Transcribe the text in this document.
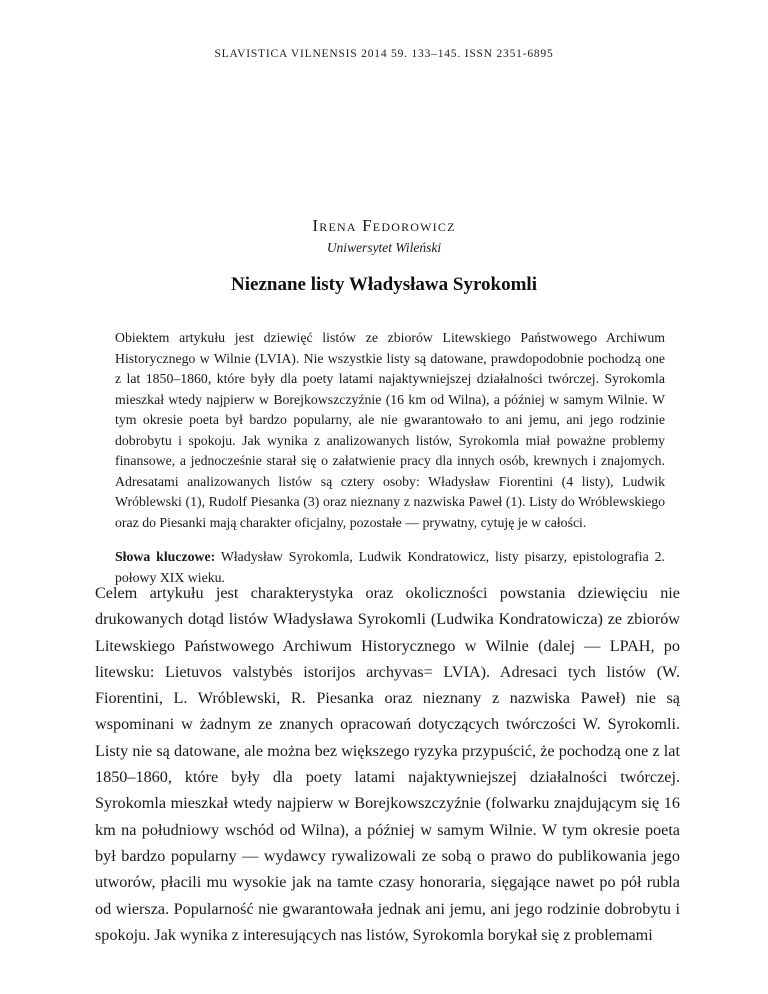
SLAVISTICA VILNENSIS 2014 59. 133–145. ISSN 2351-6895
Irena Fedorowicz
Uniwersytet Wileński
Nieznane listy Władysława Syrokomli
Obiektem artykułu jest dziewięć listów ze zbiorów Litewskiego Państwowego Archiwum Historycznego w Wilnie (LVIA). Nie wszystkie listy są datowane, prawdopodobnie pochodzą one z lat 1850–1860, które były dla poety latami najaktywniejszej działalności twórczej. Syrokomla mieszkał wtedy najpierw w Borejkowszczyźnie (16 km od Wilna), a później w samym Wilnie. W tym okresie poeta był bardzo popularny, ale nie gwarantowało to ani jemu, ani jego rodzinie dobrobytu i spokoju. Jak wynika z analizowanych listów, Syrokomla miał poważne problemy finansowe, a jednocześnie starał się o załatwienie pracy dla innych osób, krewnych i znajomych. Adresatami analizowanych listów są cztery osoby: Władysław Fiorentini (4 listy), Ludwik Wróblewski (1), Rudolf Piesanka (3) oraz nieznany z nazwiska Paweł (1). Listy do Wróblewskiego oraz do Piesanki mają charakter oficjalny, pozostałe — prywatny, cytuję je w całości.
Słowa kluczowe: Władysław Syrokomla, Ludwik Kondratowicz, listy pisarzy, epistolografia 2. połowy XIX wieku.
Celem artykułu jest charakterystyka oraz okoliczności powstania dziewięciu nie drukowanych dotąd listów Władysława Syrokomli (Ludwika Kondratowicza) ze zbiorów Litewskiego Państwowego Archiwum Historycznego w Wilnie (dalej — LPAH, po litewsku: Lietuvos valstybės istorijos archyvas= LVIA). Adresaci tych listów (W. Fiorentini, L. Wróblewski, R. Piesanka oraz nieznany z nazwiska Paweł) nie są wspominani w żadnym ze znanych opracowań dotyczących twórczości W. Syrokomli. Listy nie są datowane, ale można bez większego ryzyka przypuścić, że pochodzą one z lat 1850–1860, które były dla poety latami najaktywniejszej działalności twórczej. Syrokomla mieszkał wtedy najpierw w Borejkowszczyźnie (folwarku znajdującym się 16 km na południowy wschód od Wilna), a później w samym Wilnie. W tym okresie poeta był bardzo popularny — wydawcy rywalizowali ze sobą o prawo do publikowania jego utworów, płacili mu wysokie jak na tamte czasy honoraria, sięgające nawet po pół rubla od wiersza. Popularność nie gwarantowała jednak ani jemu, ani jego rodzinie dobrobytu i spokoju. Jak wynika z interesujących nas listów, Syrokomla borykał się z problemami
